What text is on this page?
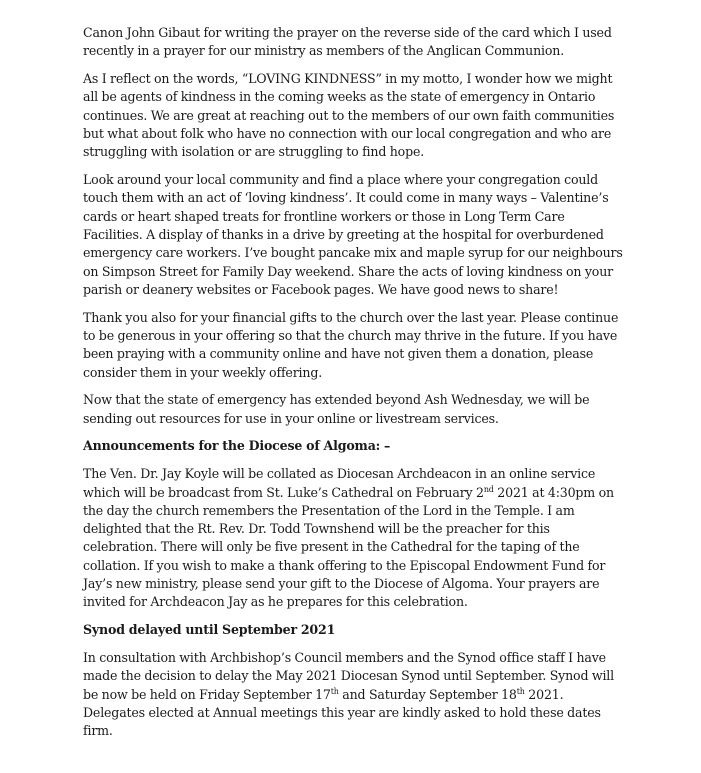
Canon John Gibaut for writing the prayer on the reverse side of the card which I used recently in a prayer for our ministry as members of the Anglican Communion.

As I reflect on the words, “LOVING KINDNESS” in my motto, I wonder how we might all be agents of kindness in the coming weeks as the state of emergency in Ontario continues. We are great at reaching out to the members of our own faith communities but what about folk who have no connection with our local congregation and who are struggling with isolation or are struggling to find hope.

Look around your local community and find a place where your congregation could touch them with an act of ‘loving kindness’. It could come in many ways – Valentine’s cards or heart shaped treats for frontline workers or those in Long Term Care Facilities. A display of thanks in a drive by greeting at the hospital for overburdened emergency care workers. I’ve bought pancake mix and maple syrup for our neighbours on Simpson Street for Family Day weekend. Share the acts of loving kindness on your parish or deanery websites or Facebook pages. We have good news to share!

Thank you also for your financial gifts to the church over the last year. Please continue to be generous in your offering so that the church may thrive in the future. If you have been praying with a community online and have not given them a donation, please consider them in your weekly offering.

Now that the state of emergency has extended beyond Ash Wednesday, we will be sending out resources for use in your online or livestream services.

Announcements for the Diocese of Algoma: –

The Ven. Dr. Jay Koyle will be collated as Diocesan Archdeacon in an online service which will be broadcast from St. Luke’s Cathedral on February 2nd 2021 at 4:30pm on the day the church remembers the Presentation of the Lord in the Temple. I am delighted that the Rt. Rev. Dr. Todd Townshend will be the preacher for this celebration. There will only be five present in the Cathedral for the taping of the collation. If you wish to make a thank offering to the Episcopal Endowment Fund for Jay’s new ministry, please send your gift to the Diocese of Algoma. Your prayers are invited for Archdeacon Jay as he prepares for this celebration.

Synod delayed until September 2021

In consultation with Archbishop’s Council members and the Synod office staff I have made the decision to delay the May 2021 Diocesan Synod until September. Synod will be now be held on Friday September 17th and Saturday September 18th 2021. Delegates elected at Annual meetings this year are kindly asked to hold these dates firm.
